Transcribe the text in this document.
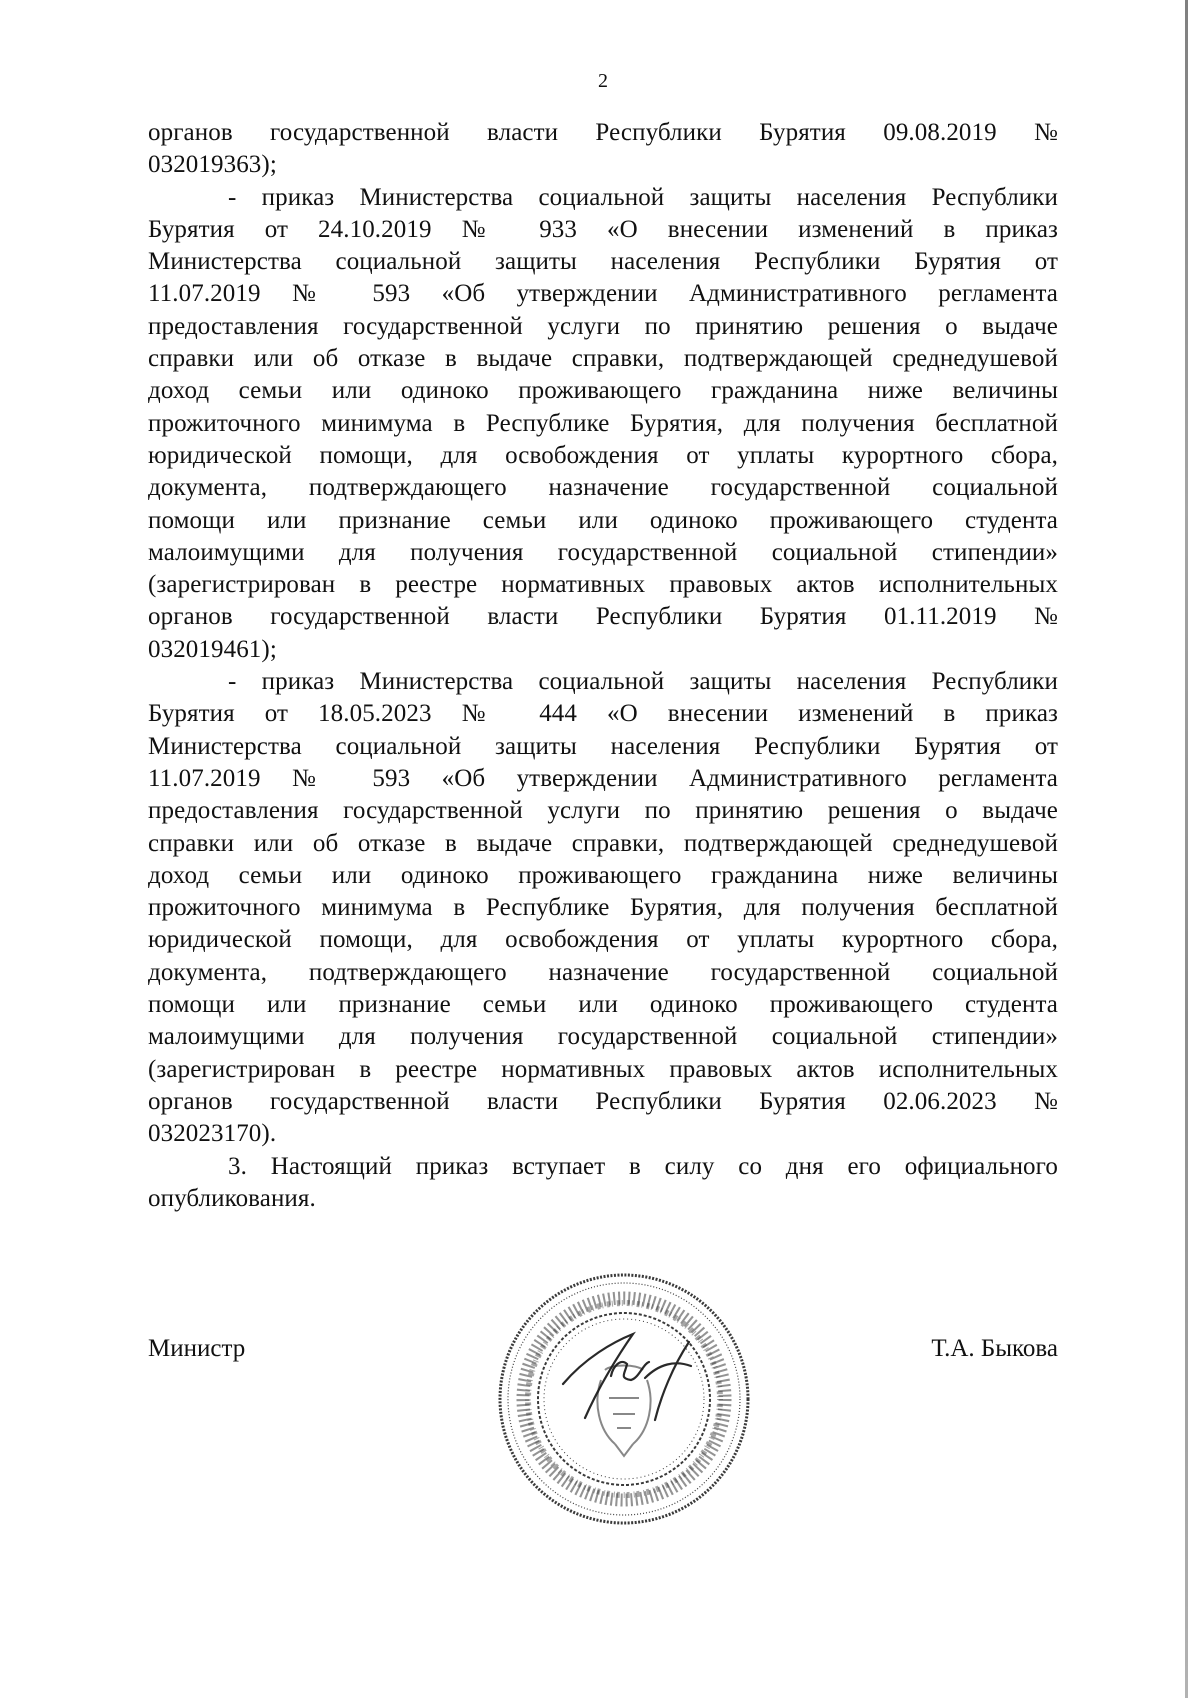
2

органов государственной власти Республики Бурятия 09.08.2019 №

032019363);

- приказ Министерства социальной защиты населения Республики

Бурятия от 24.10.2019 № 933 «О внесении изменений в приказ

Министерства социальной защиты населения Республики Бурятия от

11.07.2019 № 593 «Об утверждении Административного регламента

предоставления государственной услуги по принятию решения о выдаче

справки или об отказе в выдаче справки, подтверждающей среднедушевой

доход семьи или одиноко проживающего гражданина ниже величины

прожиточного минимума в Республике Бурятия, для получения бесплатной

юридической помощи, для освобождения от уплаты курортного сбора,

документа, подтверждающего назначение государственной социальной

помощи или признание семьи или одиноко проживающего студента

малоимущими для получения государственной социальной стипендии»

(зарегистрирован в реестре нормативных правовых актов исполнительных

органов государственной власти Республики Бурятия 01.11.2019 №

032019461);

- приказ Министерства социальной защиты населения Республики

Бурятия от 18.05.2023 № 444 «О внесении изменений в приказ

Министерства социальной защиты населения Республики Бурятия от

11.07.2019 № 593 «Об утверждении Административного регламента

предоставления государственной услуги по принятию решения о выдаче

справки или об отказе в выдаче справки, подтверждающей среднедушевой

доход семьи или одиноко проживающего гражданина ниже величины

прожиточного минимума в Республике Бурятия, для получения бесплатной

юридической помощи, для освобождения от уплаты курортного сбора,

документа, подтверждающего назначение государственной социальной

помощи или признание семьи или одиноко проживающего студента

малоимущими для получения государственной социальной стипендии»

(зарегистрирован в реестре нормативных правовых актов исполнительных

органов государственной власти Республики Бурятия 02.06.2023 №

032023170).

3. Настоящий приказ вступает в силу со дня его официального

опубликования.

Министр	Т.А. Быкова
